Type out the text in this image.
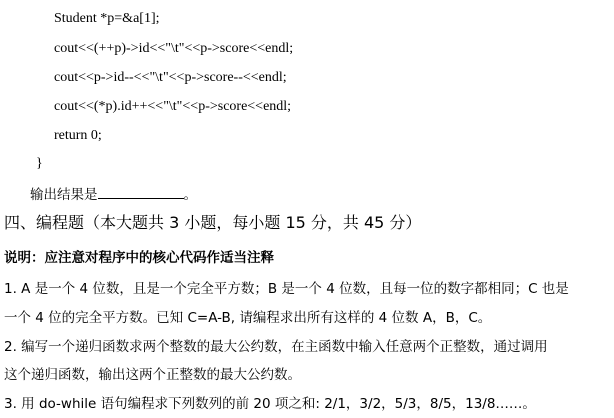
Student *p=&a[1];
cout<<(++p)->id<<"\t"<<p->score<<endl;
cout<<p->id--<<"\t"<<p->score--<<endl;
cout<<(*p).id++<<"\t"<<p->score<<endl;
return 0;
}
输出结果是	。
四、编程题（本大题共 3 小题，每小题 15 分，共 45 分）
说明：应注意对程序中的核心代码作适当注释
1. A 是一个 4 位数，且是一个完全平方数；B 是一个 4 位数，且每一位的数字都相同；C 也是
一个 4 位的完全平方数。已知 C=A-B, 请编程求出所有这样的 4 位数 A，B，C。
2. 编写一个递归函数求两个整数的最大公约数，在主函数中输入任意两个正整数，通过调用
这个递归函数，输出这两个正整数的最大公约数。
3. 用 do-while 语句编程求下列数列的前 20 项之和: 2/1，3/2，5/3，8/5，13/8……。
